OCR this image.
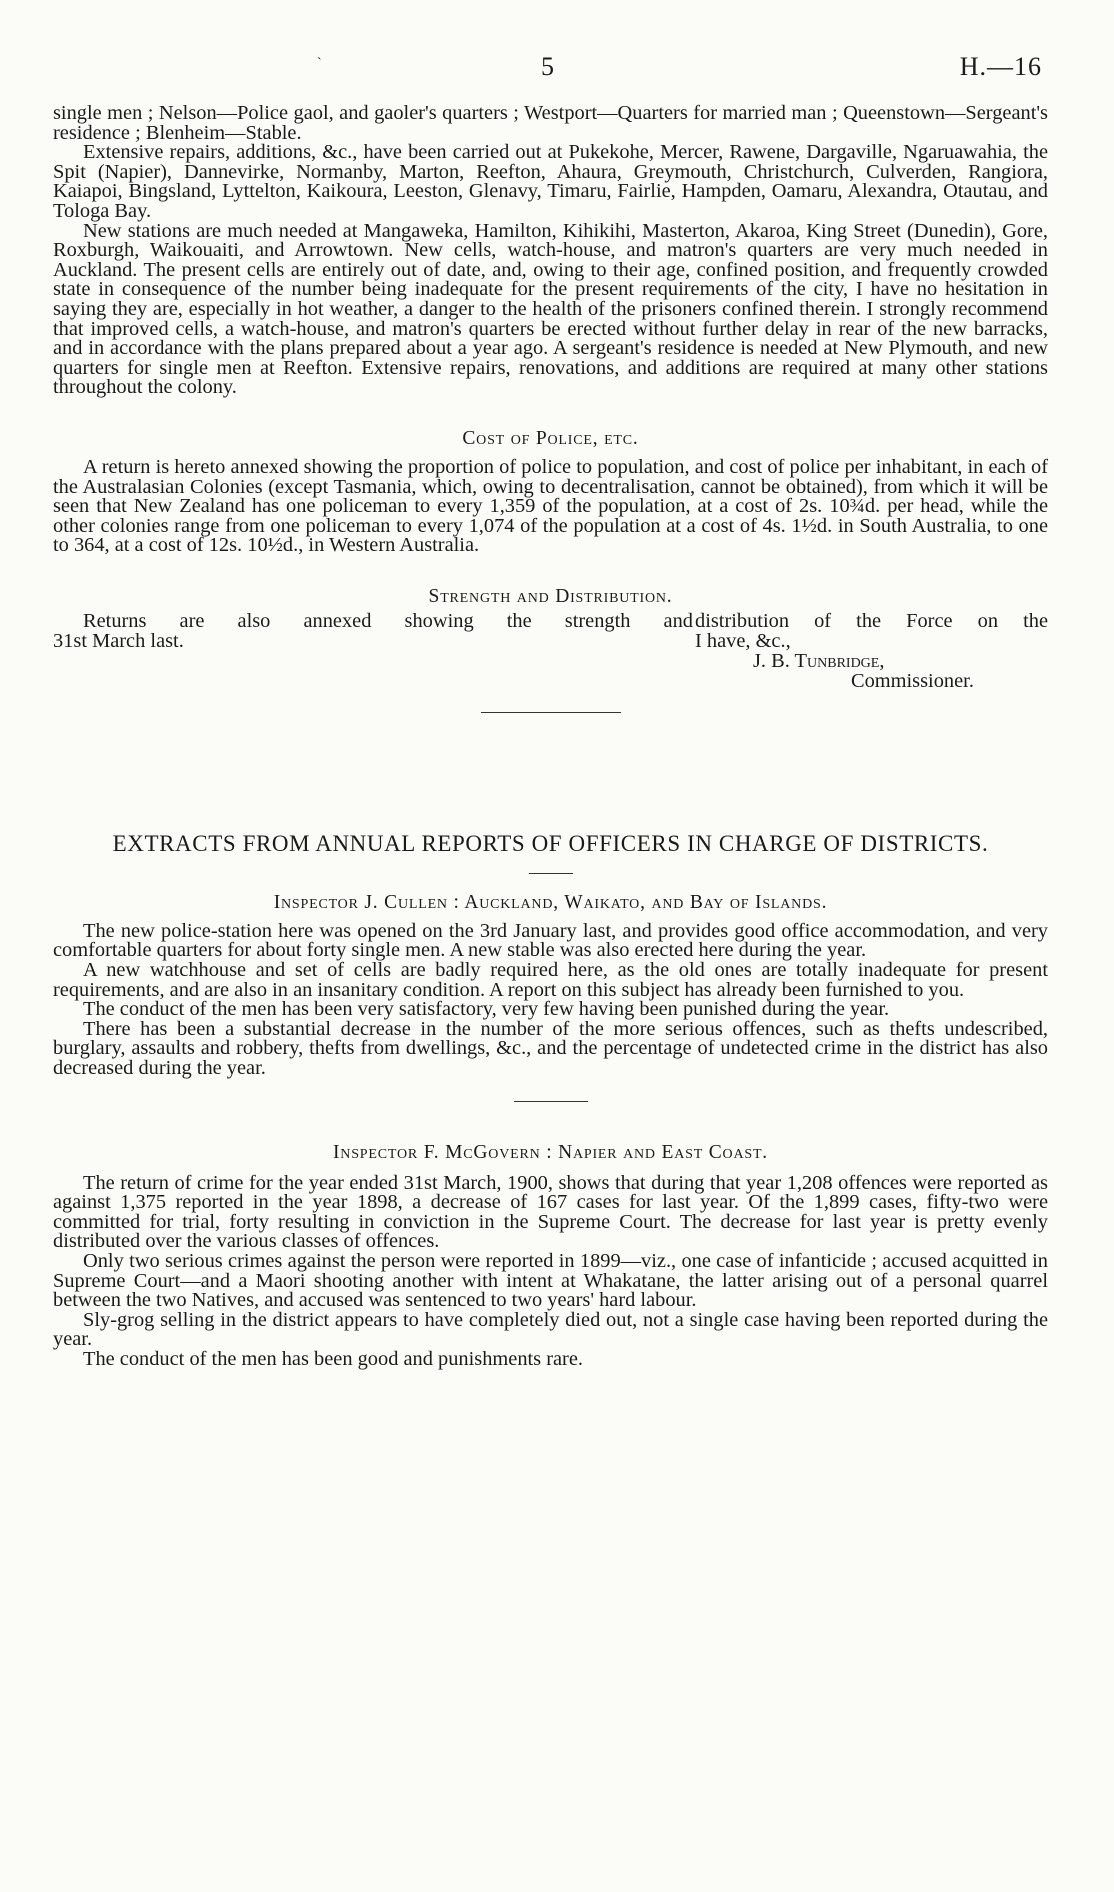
`	5	H.—16

single men ; Nelson—Police gaol, and gaoler's quarters ; Westport—Quarters for married man ; Queenstown—Sergeant's residence ; Blenheim—Stable.

Extensive repairs, additions, &c., have been carried out at Pukekohe, Mercer, Rawene, Dargaville, Ngaruawahia, the Spit (Napier), Dannevirke, Normanby, Marton, Reefton, Ahaura, Greymouth, Christchurch, Culverden, Rangiora, Kaiapoi, Bingsland, Lyttelton, Kaikoura, Leeston, Glenavy, Timaru, Fairlie, Hampden, Oamaru, Alexandra, Otautau, and Tologa Bay.

New stations are much needed at Mangaweka, Hamilton, Kihikihi, Masterton, Akaroa, King Street (Dunedin), Gore, Roxburgh, Waikouaiti, and Arrowtown. New cells, watch-house, and matron's quarters are very much needed in Auckland. The present cells are entirely out of date, and, owing to their age, confined position, and frequently crowded state in consequence of the number being inadequate for the present requirements of the city, I have no hesitation in saying they are, especially in hot weather, a danger to the health of the prisoners confined therein. I strongly recommend that improved cells, a watch-house, and matron's quarters be erected without further delay in rear of the new barracks, and in accordance with the plans prepared about a year ago. A sergeant's residence is needed at New Plymouth, and new quarters for single men at Reefton. Extensive repairs, renovations, and additions are required at many other stations throughout the colony.

Cost of Police, etc.

A return is hereto annexed showing the proportion of police to population, and cost of police per inhabitant, in each of the Australasian Colonies (except Tasmania, which, owing to decentralisation, cannot be obtained), from which it will be seen that New Zealand has one policeman to every 1,359 of the population, at a cost of 2s. 10¾d. per head, while the other colonies range from one policeman to every 1,074 of the population at a cost of 4s. 1½d. in South Australia, to one to 364, at a cost of 12s. 10½d., in Western Australia.

Strength and Distribution.
Returns are also annexed showing the strength and distribution of the Force on the
31st March last.	I have, &c.,
J. B. Tunbridge,
Commissioner.
EXTRACTS FROM ANNUAL REPORTS OF OFFICERS IN CHARGE OF DISTRICTS.
Inspector J. Cullen : Auckland, Waikato, and Bay of Islands.

The new police-station here was opened on the 3rd January last, and provides good office accommodation, and very comfortable quarters for about forty single men. A new stable was also erected here during the year.

A new watchhouse and set of cells are badly required here, as the old ones are totally inadequate for present requirements, and are also in an insanitary condition. A report on this subject has already been furnished to you.

The conduct of the men has been very satisfactory, very few having been punished during the year.

There has been a substantial decrease in the number of the more serious offences, such as thefts undescribed, burglary, assaults and robbery, thefts from dwellings, &c., and the percentage of undetected crime in the district has also decreased during the year.

Inspector F. McGovern : Napier and East Coast.

The return of crime for the year ended 31st March, 1900, shows that during that year 1,208 offences were reported as against 1,375 reported in the year 1898, a decrease of 167 cases for last year. Of the 1,899 cases, fifty-two were committed for trial, forty resulting in conviction in the Supreme Court. The decrease for last year is pretty evenly distributed over the various classes of offences.

Only two serious crimes against the person were reported in 1899—viz., one case of infanticide ; accused acquitted in Supreme Court—and a Maori shooting another with intent at Whakatane, the latter arising out of a personal quarrel between the two Natives, and accused was sentenced to two years' hard labour.

Sly-grog selling in the district appears to have completely died out, not a single case having been reported during the year.

The conduct of the men has been good and punishments rare.
